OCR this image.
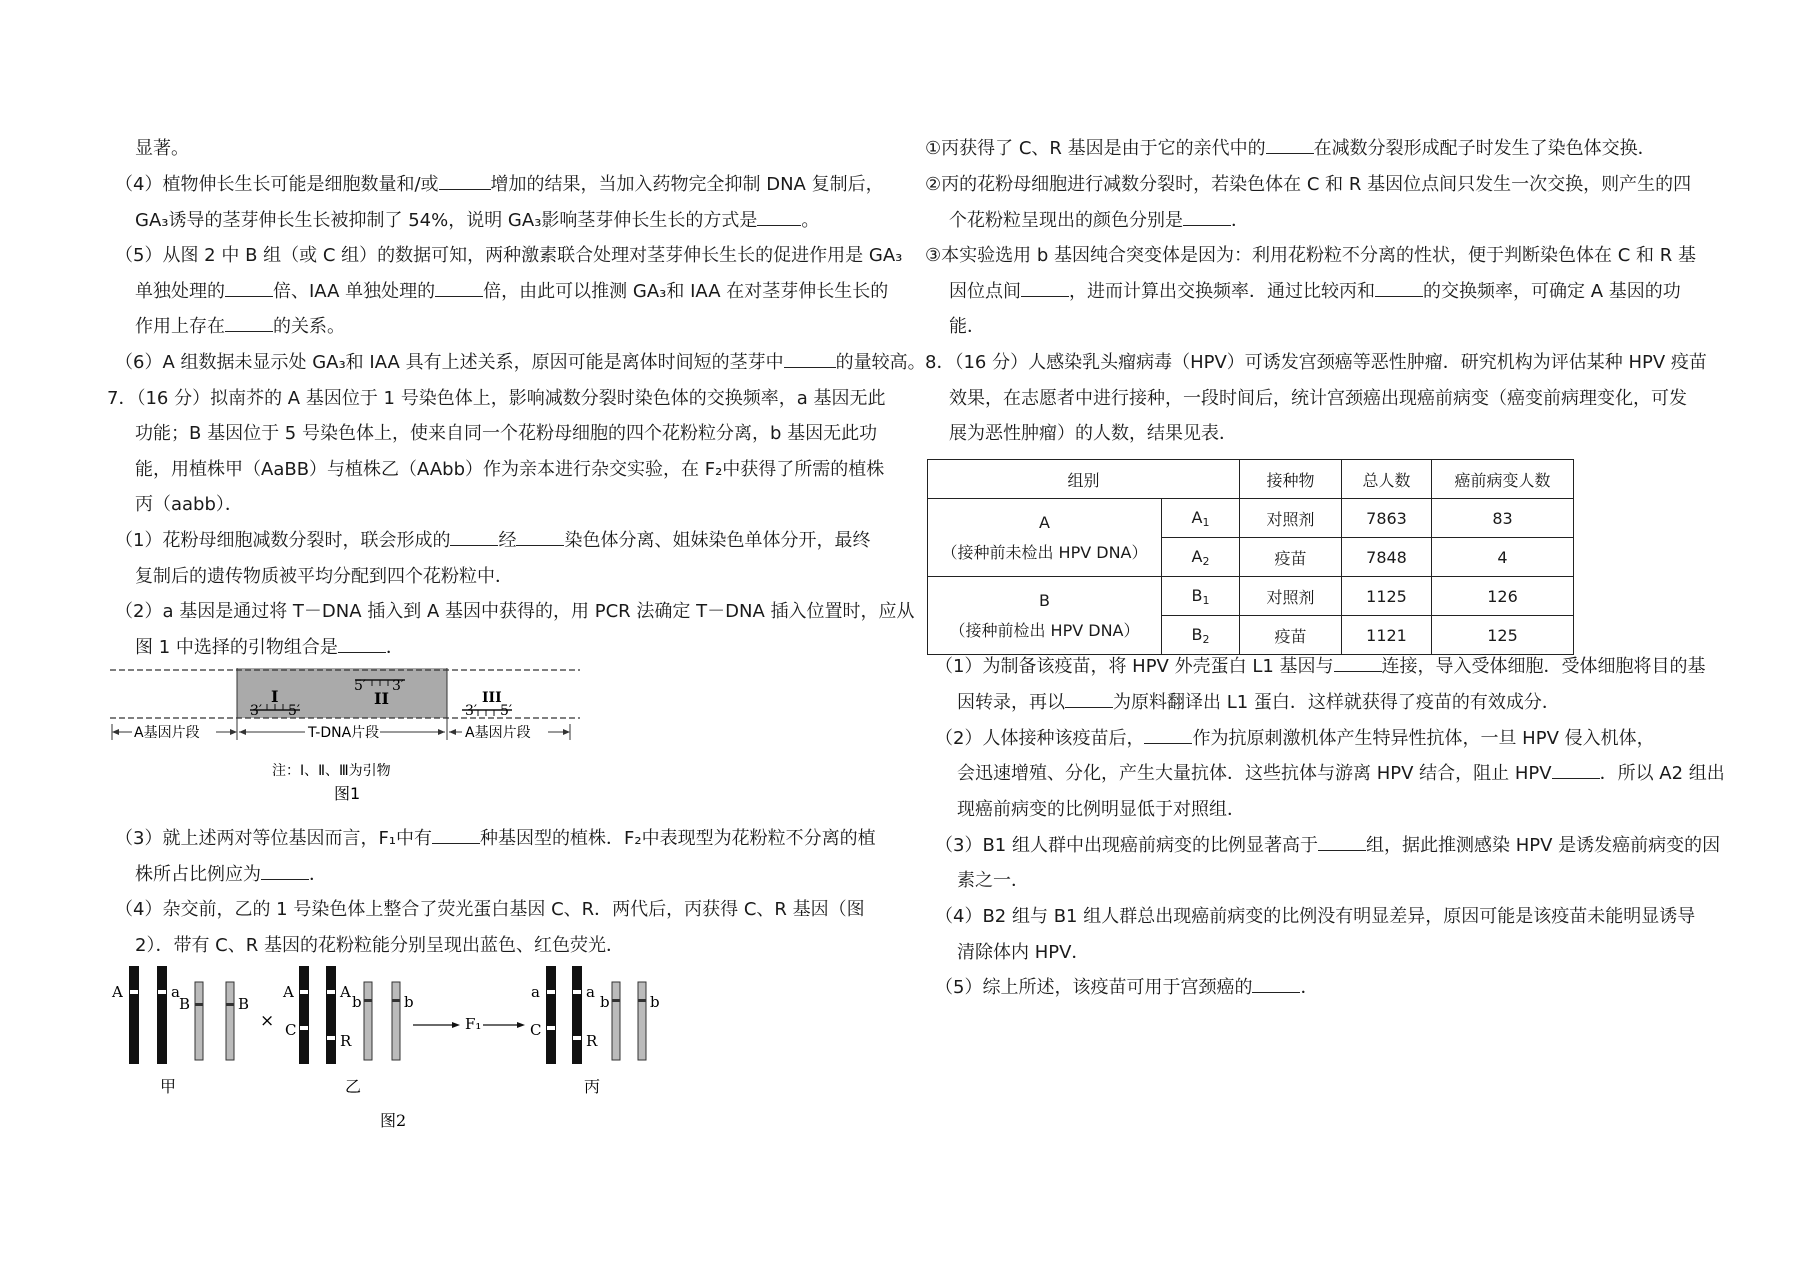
显著。
（4）植物伸长生长可能是细胞数量和/或	增加的结果，当加入药物完全抑制 DNA 复制后，
GA₃诱导的茎芽伸长生长被抑制了 54%，说明 GA₃影响茎芽伸长生长的方式是 。
（5）从图 2 中 B 组（或 C 组）的数据可知，两种激素联合处理对茎芽伸长生长的促进作用是 GA₃
单独处理的	倍、IAA 单独处理的	倍，由此可以推测 GA₃和 IAA 在对茎芽伸长生长的
作用上存在	的关系。
（6）A 组数据未显示处 GA₃和 IAA 具有上述关系，原因可能是离体时间短的茎芽中	的量较高。
7．（16 分）拟南芥的 A 基因位于 1 号染色体上，影响减数分裂时染色体的交换频率，a 基因无此
功能；B 基因位于 5 号染色体上，使来自同一个花粉母细胞的四个花粉粒分离，b 基因无此功
能，用植株甲（AaBB）与植株乙（AAbb）作为亲本进行杂交实验，在 F₂中获得了所需的植株
丙（aabb）．
（1）花粉母细胞减数分裂时，联会形成的	经	染色体分离、姐妹染色单体分开，最终
复制后的遗传物质被平均分配到四个花粉粒中．
（2）a 基因是通过将 T－DNA 插入到 A 基因中获得的，用 PCR 法确定 T－DNA 插入位置时，应从
图 1 中选择的引物组合是	．
（3）就上述两对等位基因而言，F₁中有	种基因型的植株．F₂中表现型为花粉粒不分离的植
株所占比例应为	．
（4）杂交前，乙的 1 号染色体上整合了荧光蛋白基因 C、R．两代后，丙获得 C、R 基因（图
2）．带有 C、R 基因的花粉粒能分别呈现出蓝色、红色荧光．
3′ 5′
I
5′ 3′
II
3′ 5′
III
A基因片段	T-DNA片段	A基因片段
注：Ⅰ、Ⅱ、Ⅲ为引物
图1
A	a
B	B
甲
×
A
C
A
R
b	b
乙
F₁
a
C
a
R
b	b
丙
图2
①丙获得了 C、R 基因是由于它的亲代中的	在减数分裂形成配子时发生了染色体交换．
②丙的花粉母细胞进行减数分裂时，若染色体在 C 和 R 基因位点间只发生一次交换，则产生的四
个花粉粒呈现出的颜色分别是	．
③本实验选用 b 基因纯合突变体是因为：利用花粉粒不分离的性状，便于判断染色体在 C 和 R 基
因位点间	，进而计算出交换频率．通过比较丙和	的交换频率，可确定 A 基因的功
能．
8．（16 分）人感染乳头瘤病毒（HPV）可诱发宫颈癌等恶性肿瘤．研究机构为评估某种 HPV 疫苗
效果，在志愿者中进行接种，一段时间后，统计宫颈癌出现癌前病变（癌变前病理变化，可发
展为恶性肿瘤）的人数，结果见表．
（1）为制备该疫苗，将 HPV 外壳蛋白 L1 基因与	连接，导入受体细胞．受体细胞将目的基
因转录，再以	为原料翻译出 L1 蛋白．这样就获得了疫苗的有效成分．
（2）人体接种该疫苗后，	作为抗原刺激机体产生特异性抗体，一旦 HPV 侵入机体，
会迅速增殖、分化，产生大量抗体．这些抗体与游离 HPV 结合，阻止 HPV	．所以 A2 组出
现癌前病变的比例明显低于对照组．
（3）B1 组人群中出现癌前病变的比例显著高于	组，据此推测感染 HPV 是诱发癌前病变的因
素之一．
（4）B2 组与 B1 组人群总出现癌前病变的比例没有明显差异，原因可能是该疫苗未能明显诱导
清除体内 HPV．
（5）综上所述，该疫苗可用于宫颈癌的	．
组别		接种物	总人数	癌前病变人数

A
（接种前未检出 HPV DNA）	$A_1$	对照剂	7863	83
	$A_2$	疫苗	7848	4

B
（接种前检出 HPV DNA）	$B_1$	对照剂	1125	126
	$B_2$	疫苗	1121	125
